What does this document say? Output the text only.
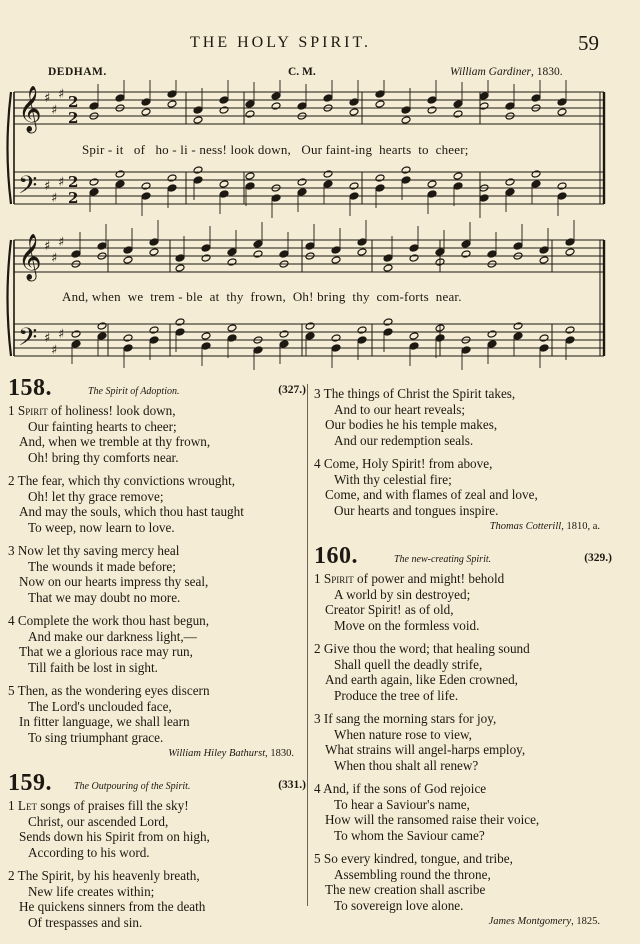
THE HOLY SPIRIT.	59
DEDHAM.	C. M.	William Gardiner, 1830.
𝄞
𝄢
♯
♯
♯
♯
♯
♯
2
2
2
2
𝄞
𝄢
♯
♯
♯
♯
♯
♯
Spir - it   of   ho - li - ness! look down,   Our faint-ing  hearts  to  cheer;
And, when  we  trem - ble  at  thy  frown,  Oh! bring  thy  com-forts  near.
158.	The Spirit of Adoption.	(327.)
1 Spirit of holiness! look down,
Our fainting hearts to cheer;
And, when we tremble at thy frown,
Oh! bring thy comforts near.
2 The fear, which thy convictions wrought,
Oh! let thy grace remove;
And may the souls, which thou hast taught
To weep, now learn to love.
3 Now let thy saving mercy heal
The wounds it made before;
Now on our hearts impress thy seal,
That we may doubt no more.
4 Complete the work thou hast begun,
And make our darkness light,—
That we a glorious race may run,
Till faith be lost in sight.
5 Then, as the wondering eyes discern
The Lord's unclouded face,
In fitter language, we shall learn
To sing triumphant grace.
William Hiley Bathurst, 1830.
159. The Outpouring of the Spirit.	(331.)
1 Let songs of praises fill the sky!
Christ, our ascended Lord,
Sends down his Spirit from on high,
According to his word.
2 The Spirit, by his heavenly breath,
New life creates within;
He quickens sinners from the death
Of trespasses and sin.
3 The things of Christ the Spirit takes,
And to our heart reveals;
Our bodies he his temple makes,
And our redemption seals.
4 Come, Holy Spirit! from above,
With thy celestial fire;
Come, and with flames of zeal and love,
Our hearts and tongues inspire.
Thomas Cotterill, 1810, a.
160.	The new-creating Spirit.	(329.)
1 Spirit of power and might! behold
A world by sin destroyed;
Creator Spirit! as of old,
Move on the formless void.
2 Give thou the word; that healing sound
Shall quell the deadly strife,
And earth again, like Eden crowned,
Produce the tree of life.
3 If sang the morning stars for joy,
When nature rose to view,
What strains will angel-harps employ,
When thou shalt all renew?
4 And, if the sons of God rejoice
To hear a Saviour's name,
How will the ransomed raise their voice,
To whom the Saviour came?
5 So every kindred, tongue, and tribe,
Assembling round the throne,
The new creation shall ascribe
To sovereign love alone.
James Montgomery, 1825.
